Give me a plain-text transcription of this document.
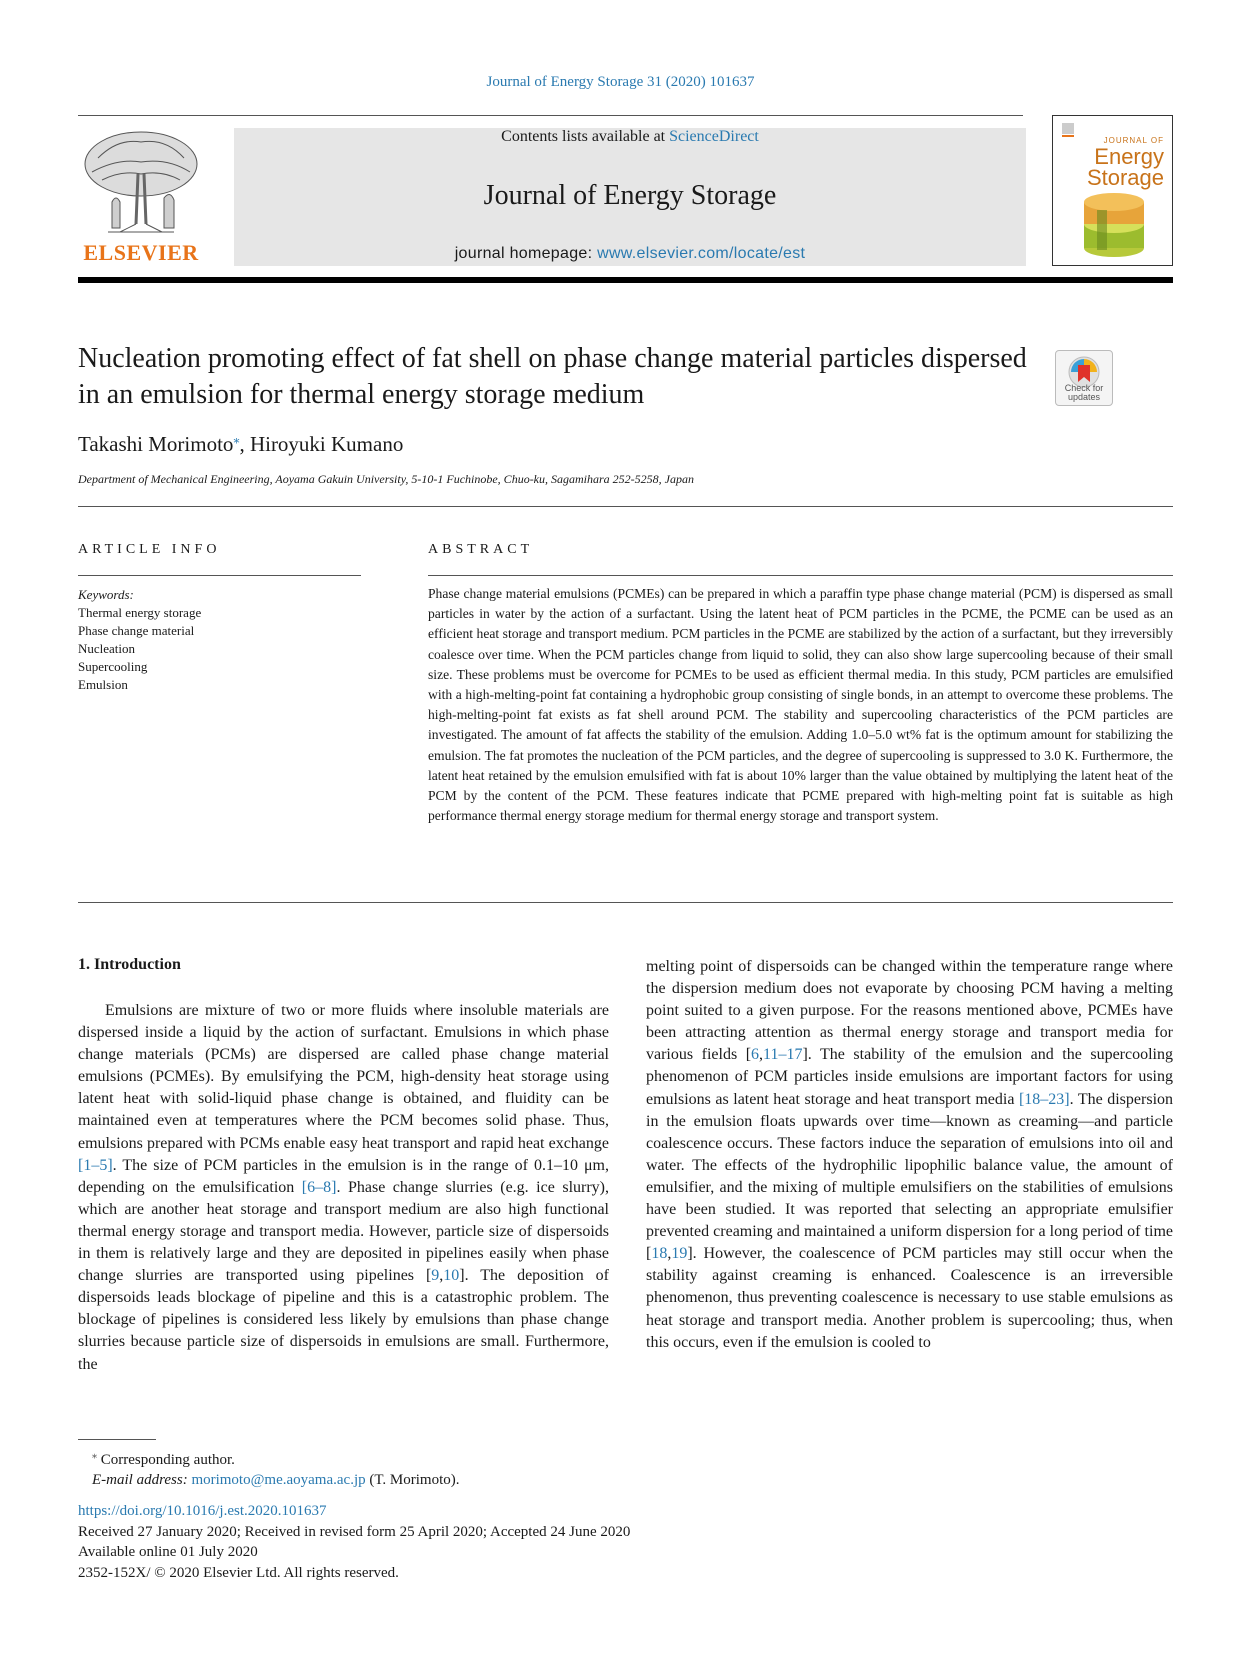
Journal of Energy Storage 31 (2020) 101637
ELSEVIER
Contents lists available at ScienceDirect
Journal of Energy Storage
journal homepage: www.elsevier.com/locate/est
JOURNAL OF
Energy
Storage
Nucleation promoting effect of fat shell on phase change material particles dispersed in an emulsion for thermal energy storage medium	Check for updates
Takashi Morimoto⁎, Hiroyuki Kumano
Department of Mechanical Engineering, Aoyama Gakuin University, 5-10-1 Fuchinobe, Chuo-ku, Sagamihara 252-5258, Japan
ARTICLE INFO
Keywords:
Thermal energy storage
Phase change material
Nucleation
Supercooling
Emulsion
ABSTRACT
Phase change material emulsions (PCMEs) can be prepared in which a paraffin type phase change material (PCM) is dispersed as small particles in water by the action of a surfactant. Using the latent heat of PCM particles in the PCME, the PCME can be used as an efficient heat storage and transport medium. PCM particles in the PCME are stabilized by the action of a surfactant, but they irreversibly coalesce over time. When the PCM particles change from liquid to solid, they can also show large supercooling because of their small size. These problems must be overcome for PCMEs to be used as efficient thermal media. In this study, PCM particles are emulsified with a high-melting-point fat containing a hydrophobic group consisting of single bonds, in an attempt to overcome these problems. The high-melting-point fat exists as fat shell around PCM. The stability and supercooling characteristics of the PCM particles are investigated. The amount of fat affects the stability of the emulsion. Adding 1.0–5.0 wt% fat is the optimum amount for stabilizing the emulsion. The fat promotes the nucleation of the PCM particles, and the degree of supercooling is suppressed to 3.0 K. Furthermore, the latent heat retained by the emulsion emulsified with fat is about 10% larger than the value obtained by multiplying the latent heat of the PCM by the content of the PCM. These features indicate that PCME prepared with high-melting point fat is suitable as high performance thermal energy storage medium for thermal energy storage and transport system.
1. Introduction
Emulsions are mixture of two or more fluids where insoluble materials are dispersed inside a liquid by the action of surfactant. Emulsions in which phase change materials (PCMs) are dispersed are called phase change material emulsions (PCMEs). By emulsifying the PCM, high-density heat storage using latent heat with solid-liquid phase change is obtained, and fluidity can be maintained even at temperatures where the PCM becomes solid phase. Thus, emulsions prepared with PCMs enable easy heat transport and rapid heat exchange [1–5]. The size of PCM particles in the emulsion is in the range of 0.1–10 μm, depending on the emulsification [6–8]. Phase change slurries (e.g. ice slurry), which are another heat storage and transport medium are also high functional thermal energy storage and transport media. However, particle size of dispersoids in them is relatively large and they are deposited in pipelines easily when phase change slurries are transported using pipelines [9,10]. The deposition of dispersoids leads blockage of pipeline and this is a catastrophic problem. The blockage of pipelines is considered less likely by emulsions than phase change slurries because particle size of dispersoids in emulsions are small. Furthermore, the
melting point of dispersoids can be changed within the temperature range where the dispersion medium does not evaporate by choosing PCM having a melting point suited to a given purpose. For the reasons mentioned above, PCMEs have been attracting attention as thermal energy storage and transport media for various fields [6,11–17]. The stability of the emulsion and the supercooling phenomenon of PCM particles inside emulsions are important factors for using emulsions as latent heat storage and heat transport media [18–23]. The dispersion in the emulsion floats upwards over time—known as creaming—and particle coalescence occurs. These factors induce the separation of emulsions into oil and water. The effects of the hydrophilic lipophilic balance value, the amount of emulsifier, and the mixing of multiple emulsifiers on the stabilities of emulsions have been studied. It was reported that selecting an appropriate emulsifier prevented creaming and maintained a uniform dispersion for a long period of time [18,19]. However, the coalescence of PCM particles may still occur when the stability against creaming is enhanced. Coalescence is an irreversible phenomenon, thus preventing coalescence is necessary to use stable emulsions as heat storage and transport media. Another problem is supercooling; thus, when this occurs, even if the emulsion is cooled to
⁎ Corresponding author.
E-mail address: morimoto@me.aoyama.ac.jp (T. Morimoto).
https://doi.org/10.1016/j.est.2020.101637
Received 27 January 2020; Received in revised form 25 April 2020; Accepted 24 June 2020
Available online 01 July 2020
2352-152X/ © 2020 Elsevier Ltd. All rights reserved.
